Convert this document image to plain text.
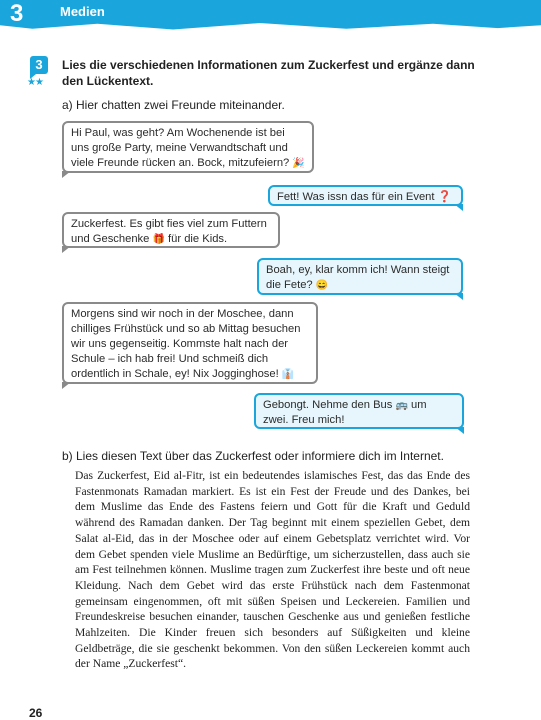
3	Medien
3
★★
Lies die verschiedenen Informationen zum Zuckerfest und ergänze dann den Lückentext.
a) Hier chatten zwei Freunde miteinander.
Hi Paul, was geht? Am Wochenende ist bei uns große Party, meine Verwandtschaft und viele Freunde rücken an. Bock, mitzufeiern? 🎉
Fett! Was issn das für ein Event ❓
Zuckerfest. Es gibt fies viel zum Futtern und Geschenke 🎁 für die Kids.
Boah, ey, klar komm ich! Wann steigt die Fete? 😄
Morgens sind wir noch in der Moschee, dann chilliges Frühstück und so ab Mittag besuchen wir uns gegenseitig. Kommste halt nach der Schule – ich hab frei! Und schmeiß dich ordentlich in Schale, ey! Nix Jogginghose! 👔
Gebongt. Nehme den Bus 🚌 um zwei. Freu mich!
b) Lies diesen Text über das Zuckerfest oder informiere dich im Internet.
Das Zuckerfest, Eid al-Fitr, ist ein bedeutendes islamisches Fest, das das Ende des Fastenmonats Ramadan markiert. Es ist ein Fest der Freude und des Dankes, bei dem Muslime das Ende des Fastens feiern und Gott für die Kraft und Geduld während des Ramadan danken. Der Tag beginnt mit einem speziellen Gebet, dem Salat al-Eid, das in der Moschee oder auf einem Gebetsplatz verrichtet wird. Vor dem Gebet spenden viele Muslime an Bedürftige, um sicherzustellen, dass auch sie am Fest teilnehmen können. Muslime tragen zum Zuckerfest ihre beste und oft neue Kleidung. Nach dem Gebet wird das erste Frühstück nach dem Fastenmonat gemeinsam eingenommen, oft mit süßen Speisen und Leckereien. Familien und Freundeskreise besuchen einander, tauschen Geschenke aus und genießen festliche Mahlzeiten. Die Kinder freuen sich besonders auf Süßigkeiten und kleine Geldbeträge, die sie geschenkt bekommen. Von den süßen Leckereien kommt auch der Name „Zuckerfest“.
26
